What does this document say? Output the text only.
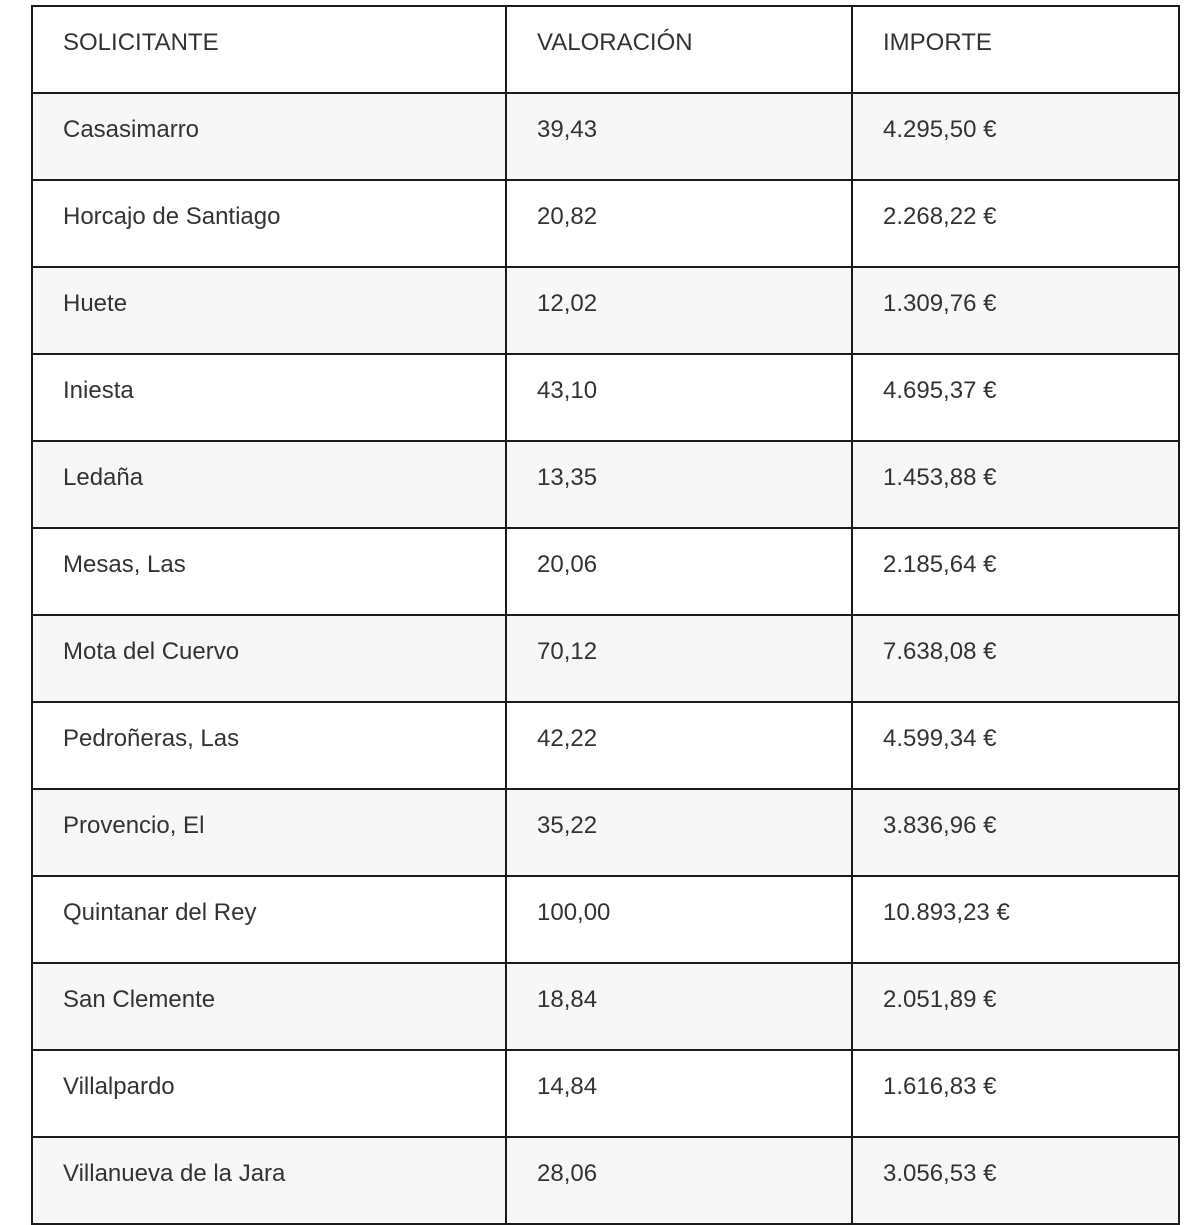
SOLICITANTE	VALORACIÓN	IMPORTE
Casasimarro	39,43	4.295,50 €
Horcajo de Santiago	20,82	2.268,22 €
Huete	12,02	1.309,76 €
Iniesta	43,10	4.695,37 €
Ledaña	13,35	1.453,88 €
Mesas, Las	20,06	2.185,64 €
Mota del Cuervo	70,12	7.638,08 €
Pedroñeras, Las	42,22	4.599,34 €
Provencio, El	35,22	3.836,96 €
Quintanar del Rey	100,00	10.893,23 €
San Clemente	18,84	2.051,89 €
Villalpardo	14,84	1.616,83 €
Villanueva de la Jara	28,06	3.056,53 €
